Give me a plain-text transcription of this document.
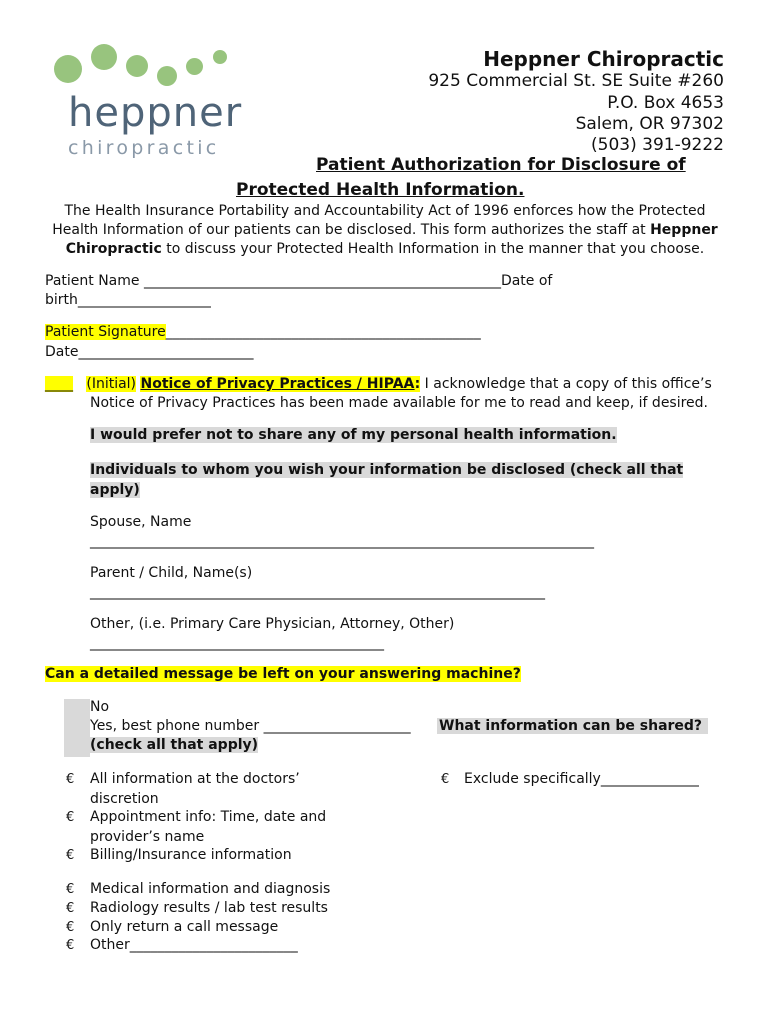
heppner
chiropractic
Heppner Chiropractic
925 Commercial St. SE Suite #260
P.O. Box 4653
Salem, OR 97302
(503) 391-9222
Patient Authorization for Disclosure of
Protected Health Information.
The Health Insurance Portability and Accountability Act of 1996 enforces how the Protected
Health Information of our patients can be disclosed. This form authorizes the staff at Heppner
Chiropractic to discuss your Protected Health Information in the manner that you choose.
Patient Name ___________________________________________________Date of
birth___________________
Patient Signature_____________________________________________
Date_________________________
____ (Initial) Notice of Privacy Practices / HIPAA: I acknowledge that a copy of this office’s
Notice of Privacy Practices has been made available for me to read and keep, if desired.
I would prefer not to share any of my personal health information.
Individuals to whom you wish your information be disclosed (check all that
apply)
Spouse, Name
________________________________________________________________________
Parent / Child, Name(s)
_________________________________________________________________
Other, (i.e. Primary Care Physician, Attorney, Other)
__________________________________________
Can a detailed message be left on your answering machine?
No
Yes, best phone number _____________________ What information can be shared?
(check all that apply)
€ All information at the doctors’
discretion
€ Appointment info: Time, date and
provider’s name
€ Billing/Insurance information
€ Exclude specifically______________
€ Medical information and diagnosis
€ Radiology results / lab test results
€ Only return a call message
€ Other________________________
